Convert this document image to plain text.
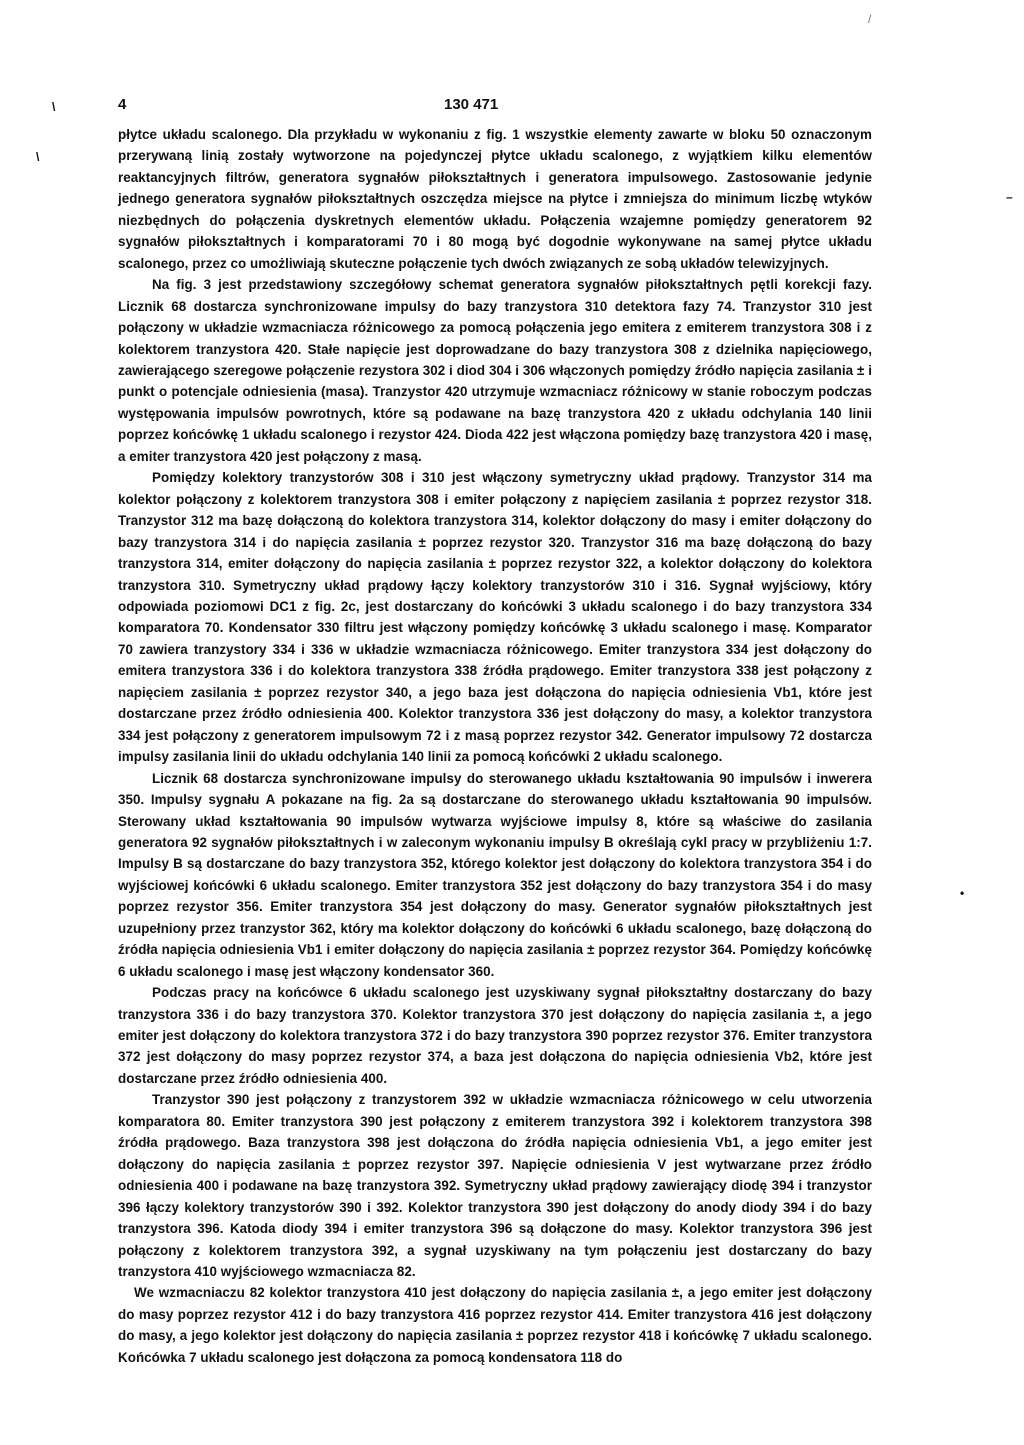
\
\
–
•
/
4	130 471

płytce układu scalonego. Dla przykładu w wykonaniu z fig. 1 wszystkie elementy zawarte w bloku 50 oznaczonym przerywaną linią zostały wytworzone na pojedynczej płytce układu scalonego, z wyjątkiem kilku elementów reaktancyjnych filtrów, generatora sygnałów piłokształtnych i generatora impulsowego. Zastosowanie jedynie jednego generatora sygnałów piłokształtnych oszczędza miejsce na płytce i zmniejsza do minimum liczbę wtyków niezbędnych do połączenia dyskretnych elementów układu. Połączenia wzajemne pomiędzy generatorem 92 sygnałów piłokształtnych i komparatorami 70 i 80 mogą być dogodnie wykonywane na samej płytce układu scalonego, przez co umożliwiają skuteczne połączenie tych dwóch związanych ze sobą układów telewizyjnych.

Na fig. 3 jest przedstawiony szczegółowy schemat generatora sygnałów piłokształtnych pętli korekcji fazy. Licznik 68 dostarcza synchronizowane impulsy do bazy tranzystora 310 detektora fazy 74. Tranzystor 310 jest połączony w układzie wzmacniacza różnicowego za pomocą połączenia jego emitera z emiterem tranzystora 308 i z kolektorem tranzystora 420. Stałe napięcie jest doprowadzane do bazy tranzystora 308 z dzielnika napięciowego, zawierającego szeregowe połączenie rezystora 302 i diod 304 i 306 włączonych pomiędzy źródło napięcia zasilania ± i punkt o potencjale odniesienia (masa). Tranzystor 420 utrzymuje wzmacniacz różnicowy w stanie roboczym podczas występowania impulsów powrotnych, które są podawane na bazę tranzystora 420 z układu odchylania 140 linii poprzez końcówkę 1 układu scalonego i rezystor 424. Dioda 422 jest włączona pomiędzy bazę tranzystora 420 i masę, a emiter tranzystora 420 jest połączony z masą.

Pomiędzy kolektory tranzystorów 308 i 310 jest włączony symetryczny układ prądowy. Tranzystor 314 ma kolektor połączony z kolektorem tranzystora 308 i emiter połączony z napięciem zasilania ± poprzez rezystor 318. Tranzystor 312 ma bazę dołączoną do kolektora tranzystora 314, kolektor dołączony do masy i emiter dołączony do bazy tranzystora 314 i do napięcia zasilania ± poprzez rezystor 320. Tranzystor 316 ma bazę dołączoną do bazy tranzystora 314, emiter dołączony do napięcia zasilania ± poprzez rezystor 322, a kolektor dołączony do kolektora tranzystora 310. Symetryczny układ prądowy łączy kolektory tranzystorów 310 i 316. Sygnał wyjściowy, który odpowiada poziomowi DC1 z fig. 2c, jest dostarczany do końcówki 3 układu scalonego i do bazy tranzystora 334 komparatora 70. Kondensator 330 filtru jest włączony pomiędzy końcówkę 3 układu scalonego i masę. Komparator 70 zawiera tranzystory 334 i 336 w układzie wzmacniacza różnicowego. Emiter tranzystora 334 jest dołączony do emitera tranzystora 336 i do kolektora tranzystora 338 źródła prądowego. Emiter tranzystora 338 jest połączony z napięciem zasilania ± poprzez rezystor 340, a jego baza jest dołączona do napięcia odniesienia Vb1, które jest dostarczane przez źródło odniesienia 400. Kolektor tranzystora 336 jest dołączony do masy, a kolektor tranzystora 334 jest połączony z generatorem impulsowym 72 i z masą poprzez rezystor 342. Generator impulsowy 72 dostarcza impulsy zasilania linii do układu odchylania 140 linii za pomocą końcówki 2 układu scalonego.

Licznik 68 dostarcza synchronizowane impulsy do sterowanego układu kształtowania 90 impulsów i inwerera 350. Impulsy sygnału A pokazane na fig. 2a są dostarczane do sterowanego układu kształtowania 90 impulsów. Sterowany układ kształtowania 90 impulsów wytwarza wyjściowe impulsy 8, które są właściwe do zasilania generatora 92 sygnałów piłokształtnych i w zaleconym wykonaniu impulsy B określają cykl pracy w przybliżeniu 1:7. Impulsy B są dostarczane do bazy tranzystora 352, którego kolektor jest dołączony do kolektora tranzystora 354 i do wyjściowej końcówki 6 układu scalonego. Emiter tranzystora 352 jest dołączony do bazy tranzystora 354 i do masy poprzez rezystor 356. Emiter tranzystora 354 jest dołączony do masy. Generator sygnałów piłokształtnych jest uzupełniony przez tranzystor 362, który ma kolektor dołączony do końcówki 6 układu scalonego, bazę dołączoną do źródła napięcia odniesienia Vb1 i emiter dołączony do napięcia zasilania ± poprzez rezystor 364. Pomiędzy końcówkę 6 układu scalonego i masę jest włączony kondensator 360.

Podczas pracy na końcówce 6 układu scalonego jest uzyskiwany sygnał piłokształtny dostarczany do bazy tranzystora 336 i do bazy tranzystora 370. Kolektor tranzystora 370 jest dołączony do napięcia zasilania ±, a jego emiter jest dołączony do kolektora tranzystora 372 i do bazy tranzystora 390 poprzez rezystor 376. Emiter tranzystora 372 jest dołączony do masy poprzez rezystor 374, a baza jest dołączona do napięcia odniesienia Vb2, które jest dostarczane przez źródło odniesienia 400.

Tranzystor 390 jest połączony z tranzystorem 392 w układzie wzmacniacza różnicowego w celu utworzenia komparatora 80. Emiter tranzystora 390 jest połączony z emiterem tranzystora 392 i kolektorem tranzystora 398 źródła prądowego. Baza tranzystora 398 jest dołączona do źródła napięcia odniesienia Vb1, a jego emiter jest dołączony do napięcia zasilania ± poprzez rezystor 397. Napięcie odniesienia V jest wytwarzane przez źródło odniesienia 400 i podawane na bazę tranzystora 392. Symetryczny układ prądowy zawierający diodę 394 i tranzystor 396 łączy kolektory tranzystorów 390 i 392. Kolektor tranzystora 390 jest dołączony do anody diody 394 i do bazy tranzystora 396. Katoda diody 394 i emiter tranzystora 396 są dołączone do masy. Kolektor tranzystora 396 jest połączony z kolektorem tranzystora 392, a sygnał uzyskiwany na tym połączeniu jest dostarczany do bazy tranzystora 410 wyjściowego wzmacniacza 82.

We wzmacniaczu 82 kolektor tranzystora 410 jest dołączony do napięcia zasilania ±, a jego emiter jest dołączony do masy poprzez rezystor 412 i do bazy tranzystora 416 poprzez rezystor 414. Emiter tranzystora 416 jest dołączony do masy, a jego kolektor jest dołączony do napięcia zasilania ± poprzez rezystor 418 i końcówkę 7 układu scalonego. Końcówka 7 układu scalonego jest dołączona za pomocą kondensatora 118 do
